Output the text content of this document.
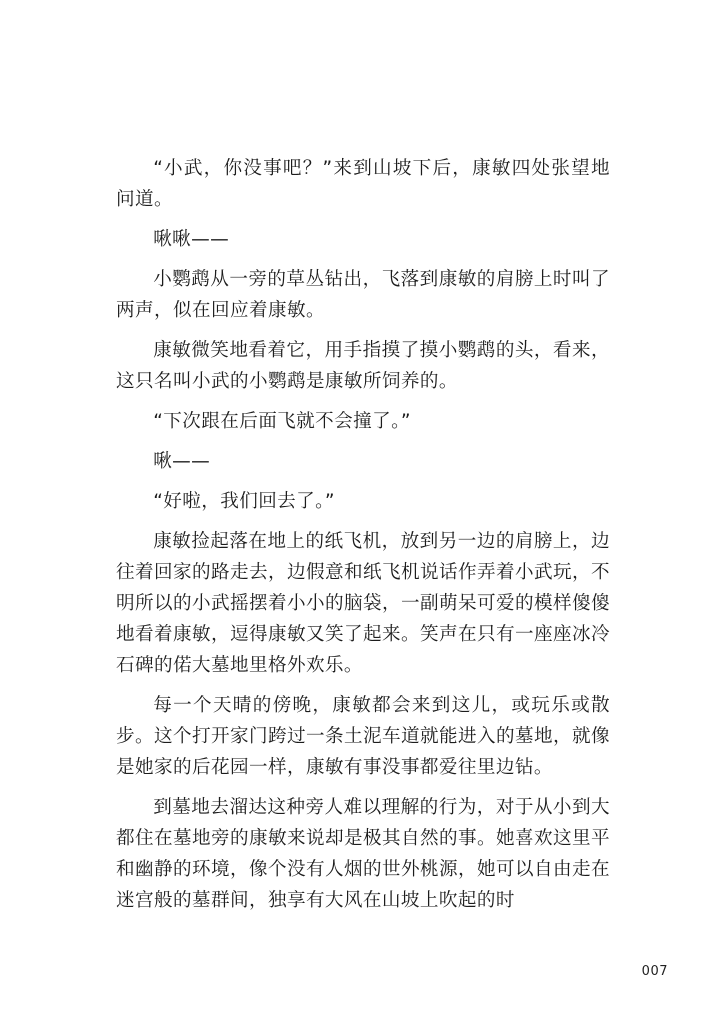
“小武，你没事吧？”来到山坡下后，康敏四处张望地问道。

啾啾——

小鹦鹉从一旁的草丛钻出，飞落到康敏的肩膀上时叫了两声，似在回应着康敏。

康敏微笑地看着它，用手指摸了摸小鹦鹉的头，看来，这只名叫小武的小鹦鹉是康敏所饲养的。

“下次跟在后面飞就不会撞了。”

啾——

“好啦，我们回去了。”

康敏捡起落在地上的纸飞机，放到另一边的肩膀上，边往着回家的路走去，边假意和纸飞机说话作弄着小武玩，不明所以的小武摇摆着小小的脑袋，一副萌呆可爱的模样傻傻地看着康敏，逗得康敏又笑了起来。笑声在只有一座座冰冷石碑的偌大墓地里格外欢乐。

每一个天晴的傍晚，康敏都会来到这儿，或玩乐或散步。这个打开家门跨过一条土泥车道就能进入的墓地，就像是她家的后花园一样，康敏有事没事都爱往里边钻。

到墓地去溜达这种旁人难以理解的行为，对于从小到大都住在墓地旁的康敏来说却是极其自然的事。她喜欢这里平和幽静的环境，像个没有人烟的世外桃源，她可以自由走在迷宫般的墓群间，独享有大风在山坡上吹起的时

007
